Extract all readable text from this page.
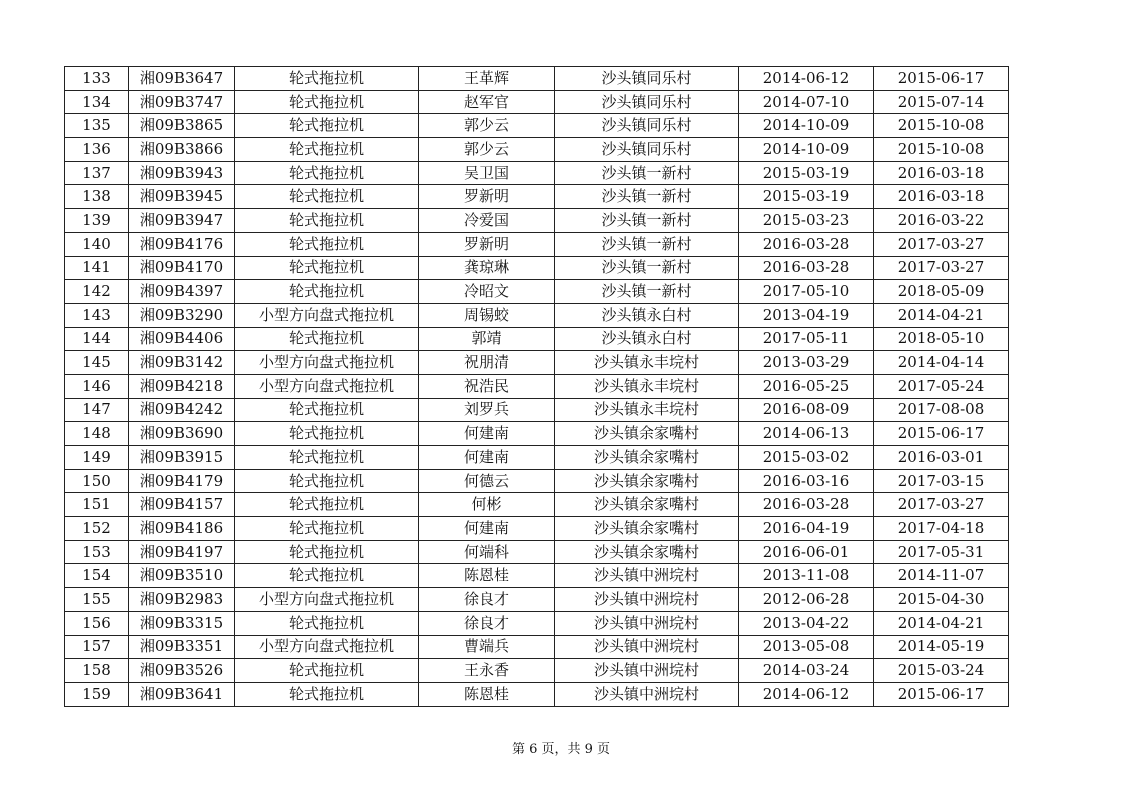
133	湘09B3647	轮式拖拉机	王革辉	沙头镇同乐村	2014-06-12	2015-06-17
134	湘09B3747	轮式拖拉机	赵军官	沙头镇同乐村	2014-07-10	2015-07-14
135	湘09B3865	轮式拖拉机	郭少云	沙头镇同乐村	2014-10-09	2015-10-08
136	湘09B3866	轮式拖拉机	郭少云	沙头镇同乐村	2014-10-09	2015-10-08
137	湘09B3943	轮式拖拉机	吴卫国	沙头镇一新村	2015-03-19	2016-03-18
138	湘09B3945	轮式拖拉机	罗新明	沙头镇一新村	2015-03-19	2016-03-18
139	湘09B3947	轮式拖拉机	冷爱国	沙头镇一新村	2015-03-23	2016-03-22
140	湘09B4176	轮式拖拉机	罗新明	沙头镇一新村	2016-03-28	2017-03-27
141	湘09B4170	轮式拖拉机	龚琼琳	沙头镇一新村	2016-03-28	2017-03-27
142	湘09B4397	轮式拖拉机	冷昭文	沙头镇一新村	2017-05-10	2018-05-09
143	湘09B3290	小型方向盘式拖拉机	周锡蛟	沙头镇永白村	2013-04-19	2014-04-21
144	湘09B4406	轮式拖拉机	郭靖	沙头镇永白村	2017-05-11	2018-05-10
145	湘09B3142	小型方向盘式拖拉机	祝朋清	沙头镇永丰垸村	2013-03-29	2014-04-14
146	湘09B4218	小型方向盘式拖拉机	祝浩民	沙头镇永丰垸村	2016-05-25	2017-05-24
147	湘09B4242	轮式拖拉机	刘罗兵	沙头镇永丰垸村	2016-08-09	2017-08-08
148	湘09B3690	轮式拖拉机	何建南	沙头镇余家嘴村	2014-06-13	2015-06-17
149	湘09B3915	轮式拖拉机	何建南	沙头镇余家嘴村	2015-03-02	2016-03-01
150	湘09B4179	轮式拖拉机	何德云	沙头镇余家嘴村	2016-03-16	2017-03-15
151	湘09B4157	轮式拖拉机	何彬	沙头镇余家嘴村	2016-03-28	2017-03-27
152	湘09B4186	轮式拖拉机	何建南	沙头镇余家嘴村	2016-04-19	2017-04-18
153	湘09B4197	轮式拖拉机	何端科	沙头镇余家嘴村	2016-06-01	2017-05-31
154	湘09B3510	轮式拖拉机	陈恩桂	沙头镇中洲垸村	2013-11-08	2014-11-07
155	湘09B2983	小型方向盘式拖拉机	徐良才	沙头镇中洲垸村	2012-06-28	2015-04-30
156	湘09B3315	轮式拖拉机	徐良才	沙头镇中洲垸村	2013-04-22	2014-04-21
157	湘09B3351	小型方向盘式拖拉机	曹端兵	沙头镇中洲垸村	2013-05-08	2014-05-19
158	湘09B3526	轮式拖拉机	王永香	沙头镇中洲垸村	2014-03-24	2015-03-24
159	湘09B3641	轮式拖拉机	陈恩桂	沙头镇中洲垸村	2014-06-12	2015-06-17
第 6 页，共 9 页
